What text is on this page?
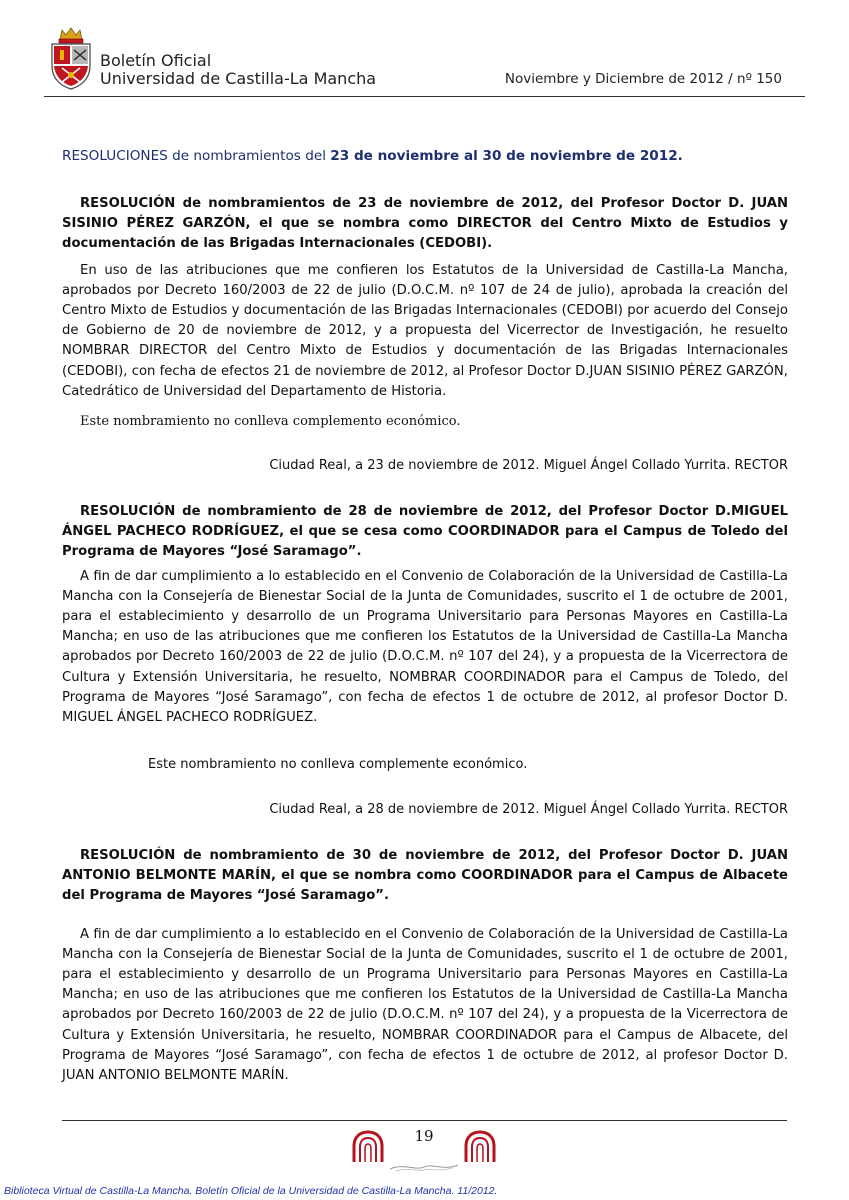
Boletín Oficial
Universidad de Castilla-La Mancha	Noviembre y Diciembre de 2012 / nº 150

RESOLUCIONES de nombramientos del 23 de noviembre al 30 de noviembre de 2012.

RESOLUCIÓN de nombramientos de 23 de noviembre de 2012, del Profesor Doctor D. JUAN SISINIO PÉREZ GARZÓN, el que se nombra como DIRECTOR del Centro Mixto de Estudios y documentación de las Brigadas Internacionales (CEDOBI).

En uso de las atribuciones que me confieren los Estatutos de la Universidad de Castilla-La Mancha, aprobados por Decreto 160/2003 de 22 de julio (D.O.C.M. nº 107 de 24 de julio), aprobada la creación del Centro Mixto de Estudios y documentación de las Brigadas Internacionales (CEDOBI) por acuerdo del Consejo de Gobierno de 20 de noviembre de 2012, y a propuesta del Vicerrector de Investigación, he resuelto NOMBRAR DIRECTOR del Centro Mixto de Estudios y documentación de las Brigadas Internacionales (CEDOBI), con fecha de efectos 21 de noviembre de 2012, al Profesor Doctor D.JUAN SISINIO PÉREZ GARZÓN, Catedrático de Universidad del Departamento de Historia.

Este nombramiento no conlleva complemento económico.

Ciudad Real, a 23 de noviembre de 2012. Miguel Ángel Collado Yurrita. RECTOR

RESOLUCIÓN de nombramiento de 28 de noviembre de 2012, del Profesor Doctor D.MIGUEL ÁNGEL PACHECO RODRÍGUEZ, el que se cesa como COORDINADOR para el Campus de Toledo del Programa de Mayores “José Saramago”.

A fin de dar cumplimiento a lo establecido en el Convenio de Colaboración de la Universidad de Castilla-La Mancha con la Consejería de Bienestar Social de la Junta de Comunidades, suscrito el 1 de octubre de 2001, para el establecimiento y desarrollo de un Programa Universitario para Personas Mayores en Castilla-La Mancha; en uso de las atribuciones que me confieren los Estatutos de la Universidad de Castilla-La Mancha aprobados por Decreto 160/2003 de 22 de julio (D.O.C.M. nº 107 del 24), y a propuesta de la Vicerrectora de Cultura y Extensión Universitaria, he resuelto, NOMBRAR COORDINADOR para el Campus de Toledo, del Programa de Mayores “José Saramago”, con fecha de efectos 1 de octubre de 2012, al profesor Doctor D. MIGUEL ÁNGEL PACHECO RODRÍGUEZ.

Este nombramiento no conlleva complemente económico.

Ciudad Real, a 28 de noviembre de 2012. Miguel Ángel Collado Yurrita. RECTOR

RESOLUCIÓN de nombramiento de 30 de noviembre de 2012, del Profesor Doctor D. JUAN ANTONIO BELMONTE MARÍN, el que se nombra como COORDINADOR para el Campus de Albacete del Programa de Mayores “José Saramago”.

A fin de dar cumplimiento a lo establecido en el Convenio de Colaboración de la Universidad de Castilla-La Mancha con la Consejería de Bienestar Social de la Junta de Comunidades, suscrito el 1 de octubre de 2001, para el establecimiento y desarrollo de un Programa Universitario para Personas Mayores en Castilla-La Mancha; en uso de las atribuciones que me confieren los Estatutos de la Universidad de Castilla-La Mancha aprobados por Decreto 160/2003 de 22 de julio (D.O.C.M. nº 107 del 24), y a propuesta de la Vicerrectora de Cultura y Extensión Universitaria, he resuelto, NOMBRAR COORDINADOR para el Campus de Albacete, del Programa de Mayores “José Saramago”, con fecha de efectos 1 de octubre de 2012, al profesor Doctor D. JUAN ANTONIO BELMONTE MARÍN.

19
Biblioteca Virtual de Castilla-La Mancha. Boletín Oficial de la Universidad de Castilla-La Mancha. 11/2012.
